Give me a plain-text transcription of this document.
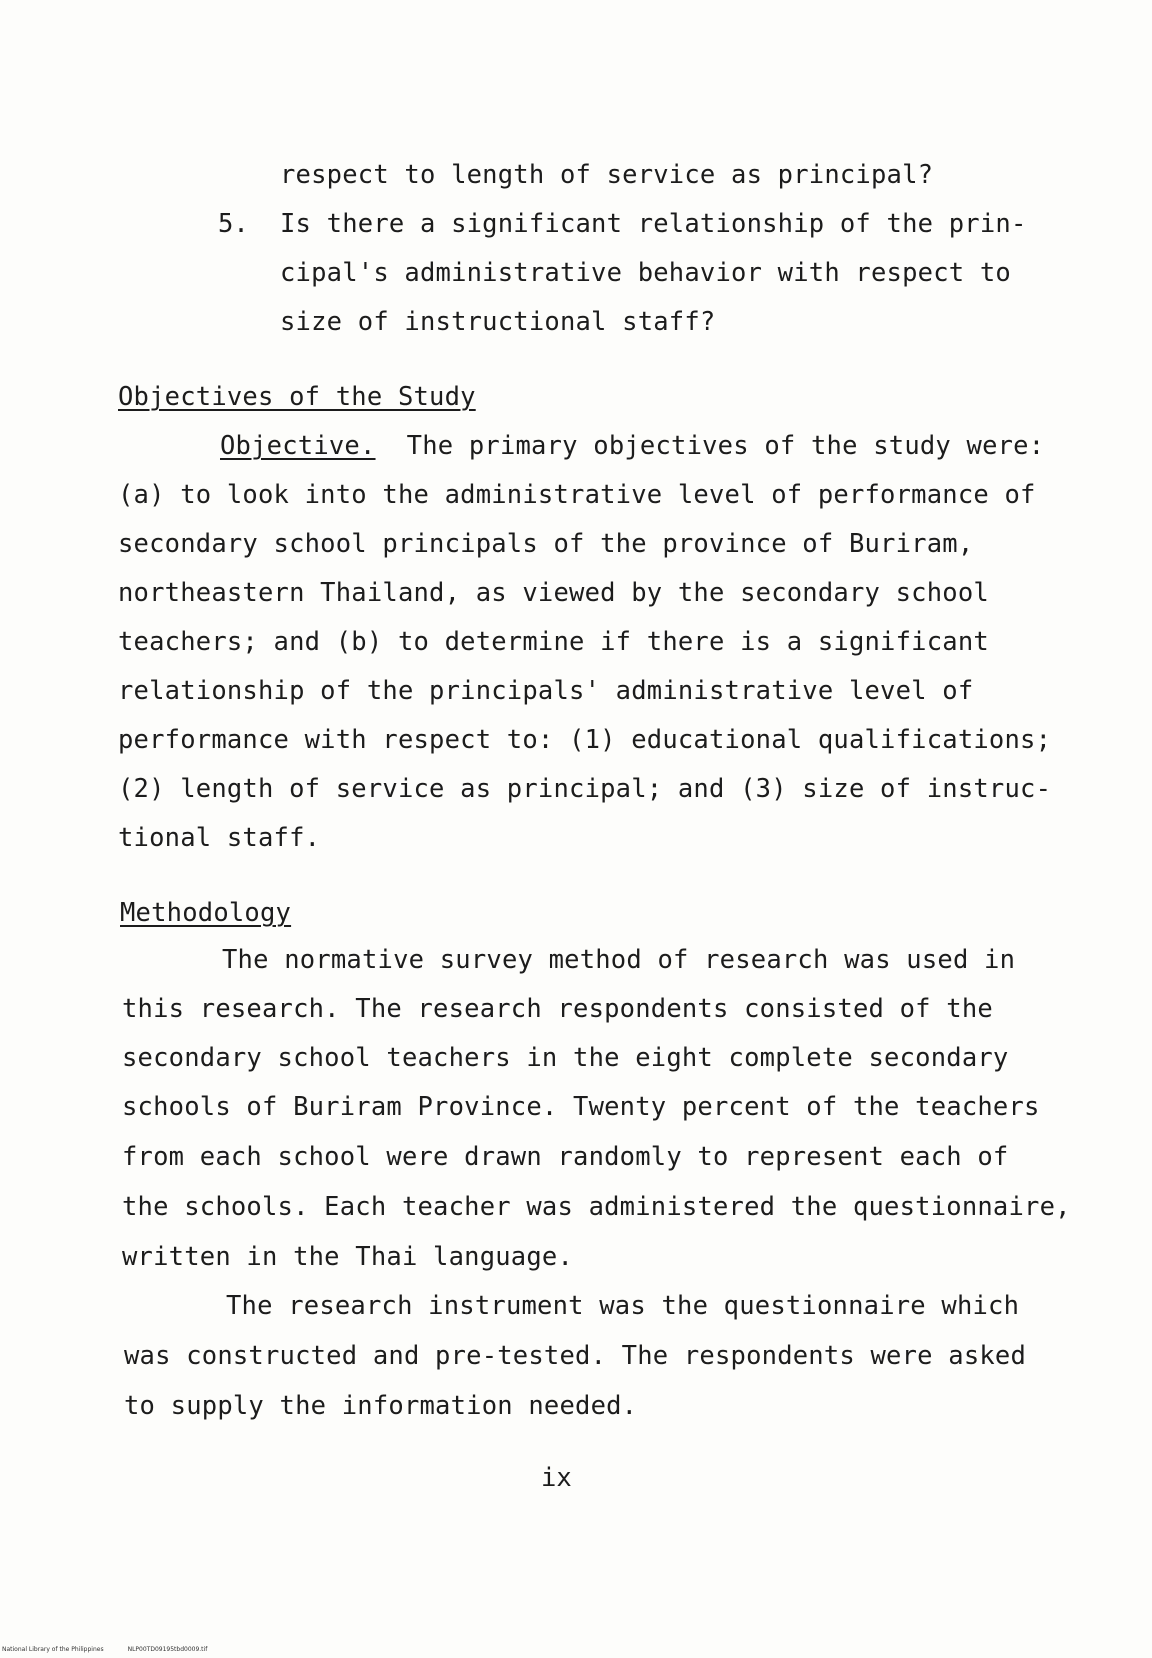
respect to length of service as principal?
5. Is there a significant relationship of the prin-
cipal's administrative behavior with respect to
size of instructional staff?
Objectives of the Study
Objective. The primary objectives of the study were:
(a) to look into the administrative level of performance of
secondary school principals of the province of Buriram,
northeastern Thailand, as viewed by the secondary school
teachers; and (b) to determine if there is a significant
relationship of the principals' administrative level of
performance with respect to: (1) educational qualifications;
(2) length of service as principal; and (3) size of instruc-
tional staff.
Methodology
The normative survey method of research was used in
this research. The research respondents consisted of the
secondary school teachers in the eight complete secondary
schools of Buriram Province. Twenty percent of the teachers
from each school were drawn randomly to represent each of
the schools. Each teacher was administered the questionnaire,
written in the Thai language.
The research instrument was the questionnaire which
was constructed and pre-tested. The respondents were asked
to supply the information needed.
ix
National Library of the Philippines	NLP00TD09195tbd0009.tif
